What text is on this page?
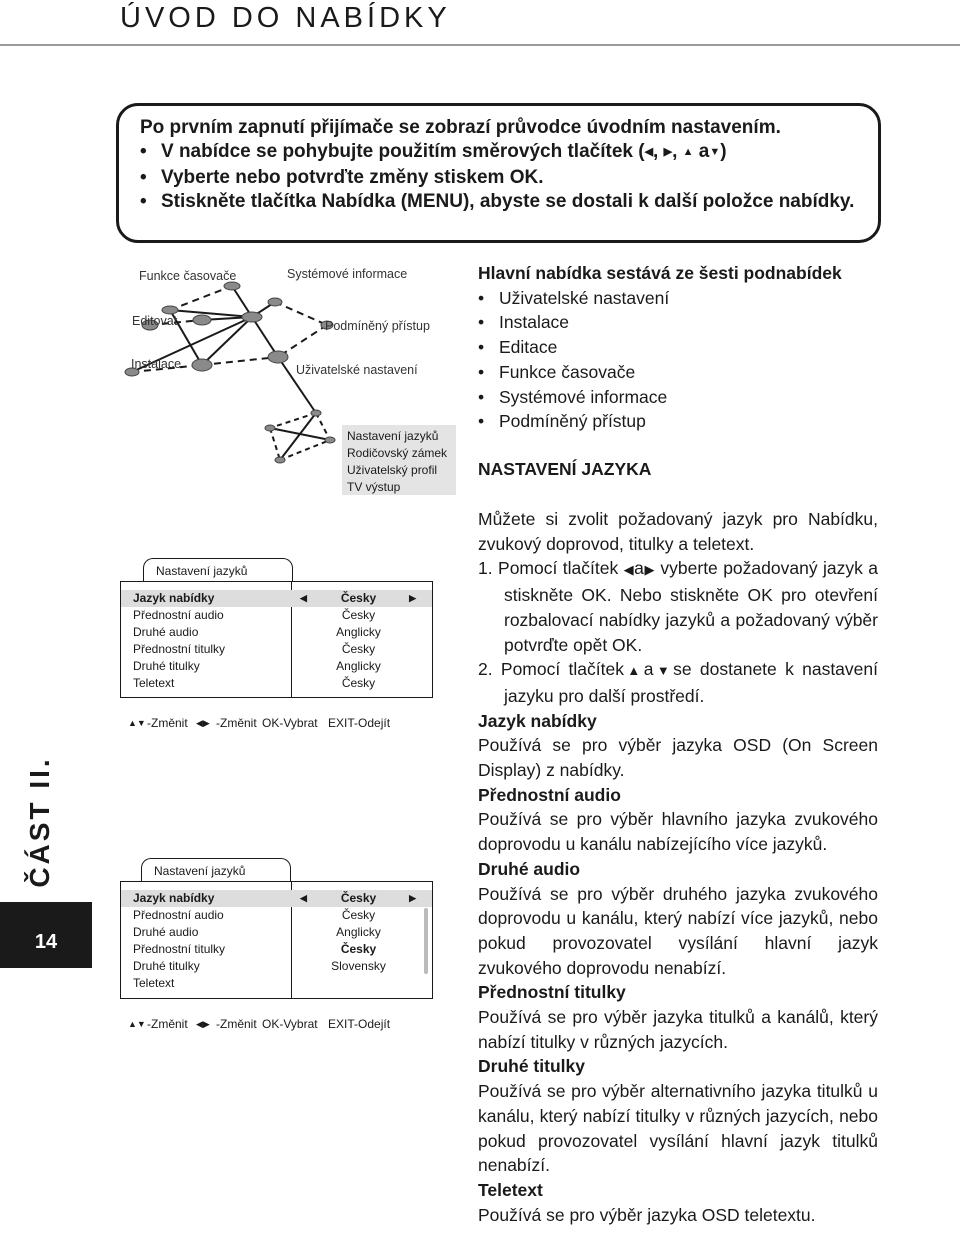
ÚVOD DO NABÍDKY

Po prvním zapnutí přijímače se zobrazí průvodce úvodním nastavením.

• V nabídce se pohybujte použitím směrových tlačítek (◀, ▶, ▲ a▼)

• Vyberte nebo potvrďte změny stiskem OK.

• Stiskněte tlačítka Nabídka (MENU), abyste se dostali k další položce nabídky.

Funkce časovače	Systémové informace
Editovat	Podmíněný přístup
Instalace	Uživatelské nastavení
Nastavení jazyků
Rodičovský zámek
Uživatelský profil
TV výstup
ČÁST II.
14
Nastavení jazyků
Jazyk nabídky	◀	Česky	▶
Přednostní audio	Česky
Druhé audio	Anglicky
Přednostní titulky	Česky
Druhé titulky	Anglicky
Teletext	Česky
▲▼ -Změnit ◀▶ -Změnit OK-Vybrat EXIT-Odejít
Nastavení jazyků
Jazyk nabídky	◀	Česky	▶
Přednostní audio	Česky
Druhé audio	Anglicky
Přednostní titulky	Česky
Druhé titulky	Slovensky
Teletext
▲▼ -Změnit ◀▶ -Změnit OK-Vybrat EXIT-Odejít

Hlavní nabídka sestává ze šesti podnabídek

• Uživatelské nastavení

• Instalace

• Editace

• Funkce časovače

• Systémové informace

• Podmíněný přístup

NASTAVENÍ JAZYKA

Můžete si zvolit požadovaný jazyk pro Nabídku, zvukový doprovod, titulky a teletext.

1. Pomocí tlačítek ◀a▶ vyberte požadovaný jazyk a stiskněte OK. Nebo stiskněte OK pro otevření rozbalovací nabídky jazyků a požadovaný výběr potvrďte opět OK.

2. Pomocí tlačítek▲a▼se dostanete k nastavení jazyku pro další prostředí.

Jazyk nabídky

Používá se pro výběr jazyka OSD (On Screen Display) z nabídky.

Přednostní audio

Používá se pro výběr hlavního jazyka zvukového doprovodu u kanálu nabízejícího více jazyků.

Druhé audio

Používá se pro výběr druhého jazyka zvukového doprovodu u kanálu, který nabízí více jazyků, nebo pokud provozovatel vysílání hlavní jazyk zvukového doprovodu nenabízí.

Přednostní titulky

Používá se pro výběr jazyka titulků a kanálů, který nabízí titulky v různých jazycích.

Druhé titulky

Používá se pro výběr alternativního jazyka titulků u kanálu, který nabízí titulky v různých jazycích, nebo pokud provozovatel vysílání hlavní jazyk titulků nenabízí.

Teletext

Používá se pro výběr jazyka OSD teletextu.
